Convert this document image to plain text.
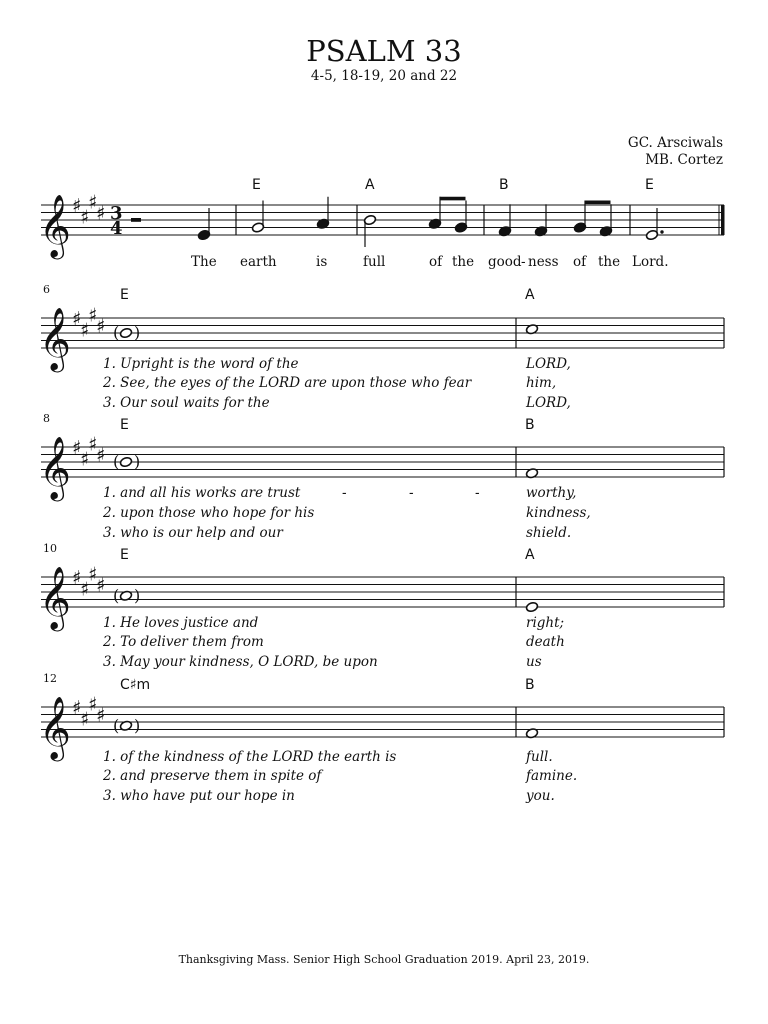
PSALM 33
4-5, 18-19, 20 and 22
GC. Arsciwals
MB. Cortez
𝄞 ♯
♯
♯
♯ 3
4
𝄞 ♯
♯
♯
♯ ( )
𝄞 ♯
♯
♯
♯ ( )
𝄞 ♯
♯
♯
♯ ( )
𝄞 ♯
♯
♯
♯ ( )
E	A	B	E
The earth	is	full	of the good - ness of the Lord.
6	E	A
1. Upright is the word of the
2. See, the eyes of the LORD are upon those who fear
3. Our soul waits for the
LORD,
him,
LORD,
8	E	B
1. and all his works are trust
2. upon those who hope for his
3. who is our help and our
-	-	-	worthy,
kindness,
shield.
10	E	A
1. He loves justice and
2. To deliver them from
3. May your kindness, O LORD, be upon
right;
death
us
12	C♯m	B
1. of the kindness of the LORD the earth is
2. and preserve them in spite of
3. who have put our hope in
full.
famine.
you.
Thanksgiving Mass. Senior High School Graduation 2019. April 23, 2019.
